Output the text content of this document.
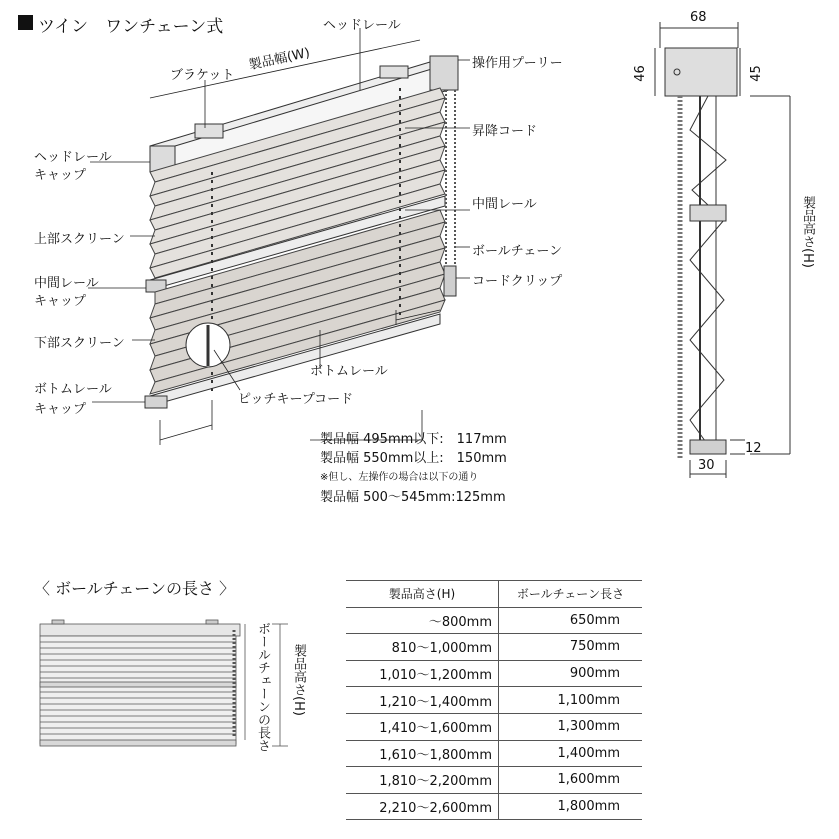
ツイン　ワンチェーン式	ヘッドレール
製品幅(W)
ブラケット
操作用プーリー
昇降コード
ヘッドレール
キャップ
中間レール
上部スクリーン
ボールチェーン
中間レール
キャップ
コードクリップ
下部スクリーン
ボトムレール
ボトムレール
キャップ
ピッチキープコード
製品幅 495mm以下:　117mm
製品幅 550mm以上:　150mm
※但し、左操作の場合は以下の通り
製品幅 500〜545mm:125mm
68
46	45
製品高さ(H)
30
12
〈 ボールチェーンの長さ 〉
ボールチェーンの長さ 製品高さ(H)
製品高さ(H)	ボールチェーン長さ
〜800mm	650mm
810〜1,000mm	750mm
1,010〜1,200mm	900mm
1,210〜1,400mm	1,100mm
1,410〜1,600mm	1,300mm
1,610〜1,800mm	1,400mm
1,810〜2,200mm	1,600mm
2,210〜2,600mm	1,800mm
